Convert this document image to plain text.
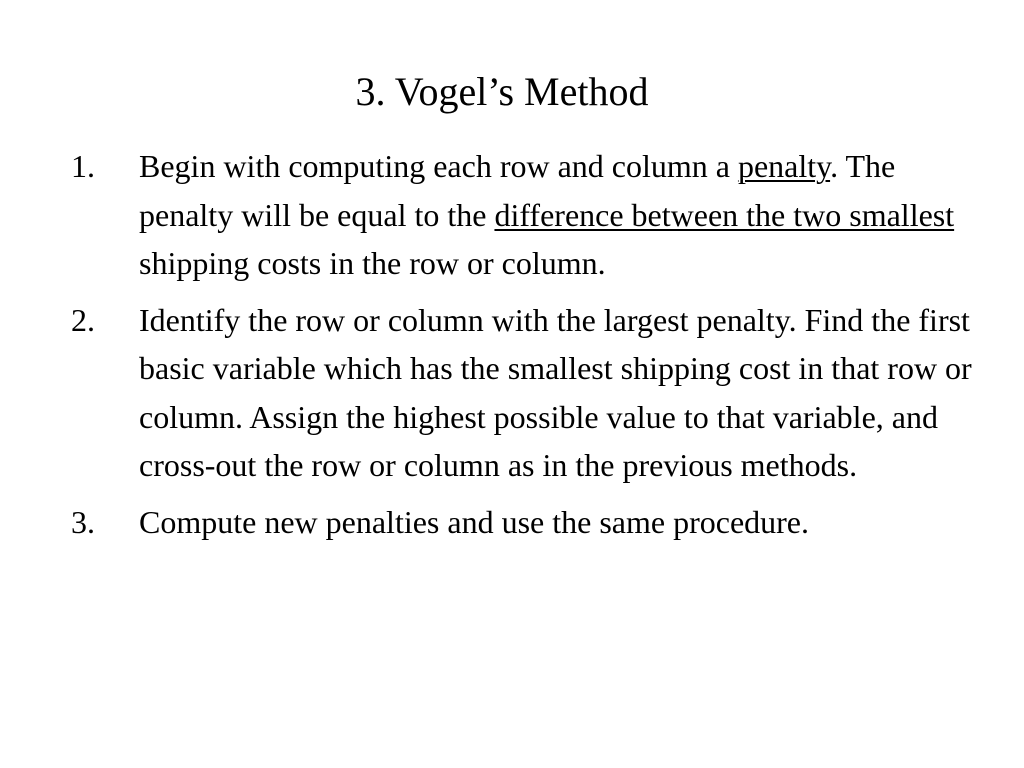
3. Vogel’s Method
1. Begin with computing each row and column a penalty. The penalty will be equal to the difference between the two smallest shipping costs in the row or column.
2. Identify the row or column with the largest penalty. Find the first basic variable which has the smallest shipping cost in that row or column. Assign the highest possible value to that variable, and cross-out the row or column as in the previous methods.
3. Compute new penalties and use the same procedure.
